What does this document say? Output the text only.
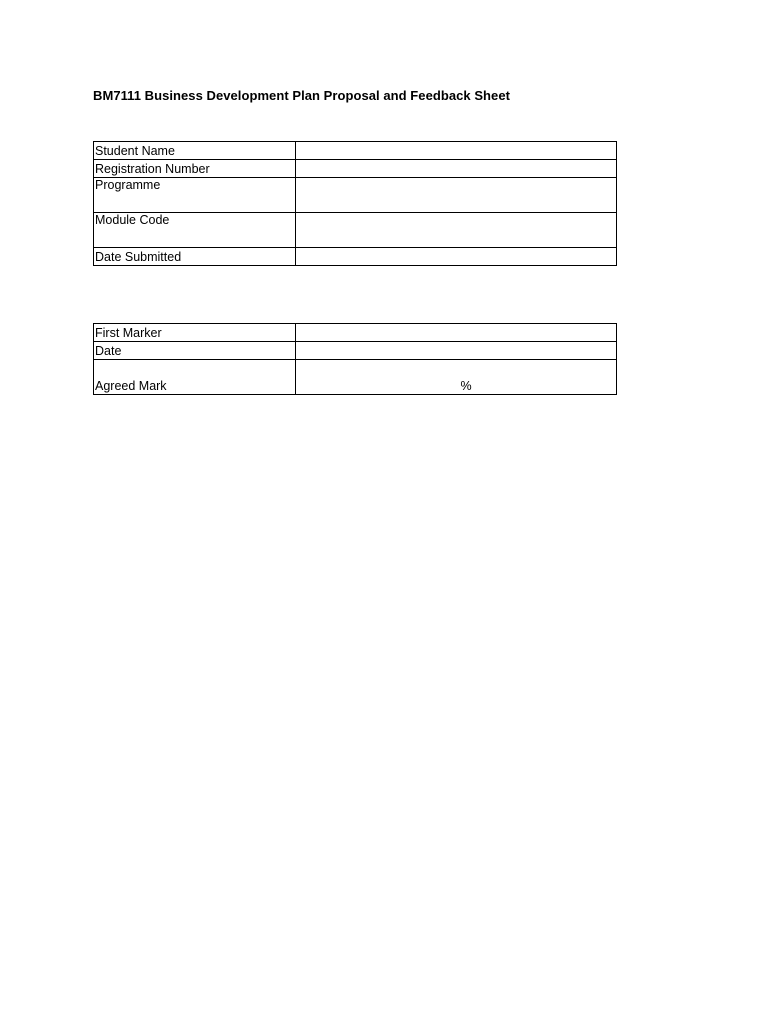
BM7111 Business Development Plan Proposal and Feedback Sheet
Student Name	
Registration Number	
Programme	
Module Code	
Date Submitted	
First Marker	
Date	
Agreed Mark	%
